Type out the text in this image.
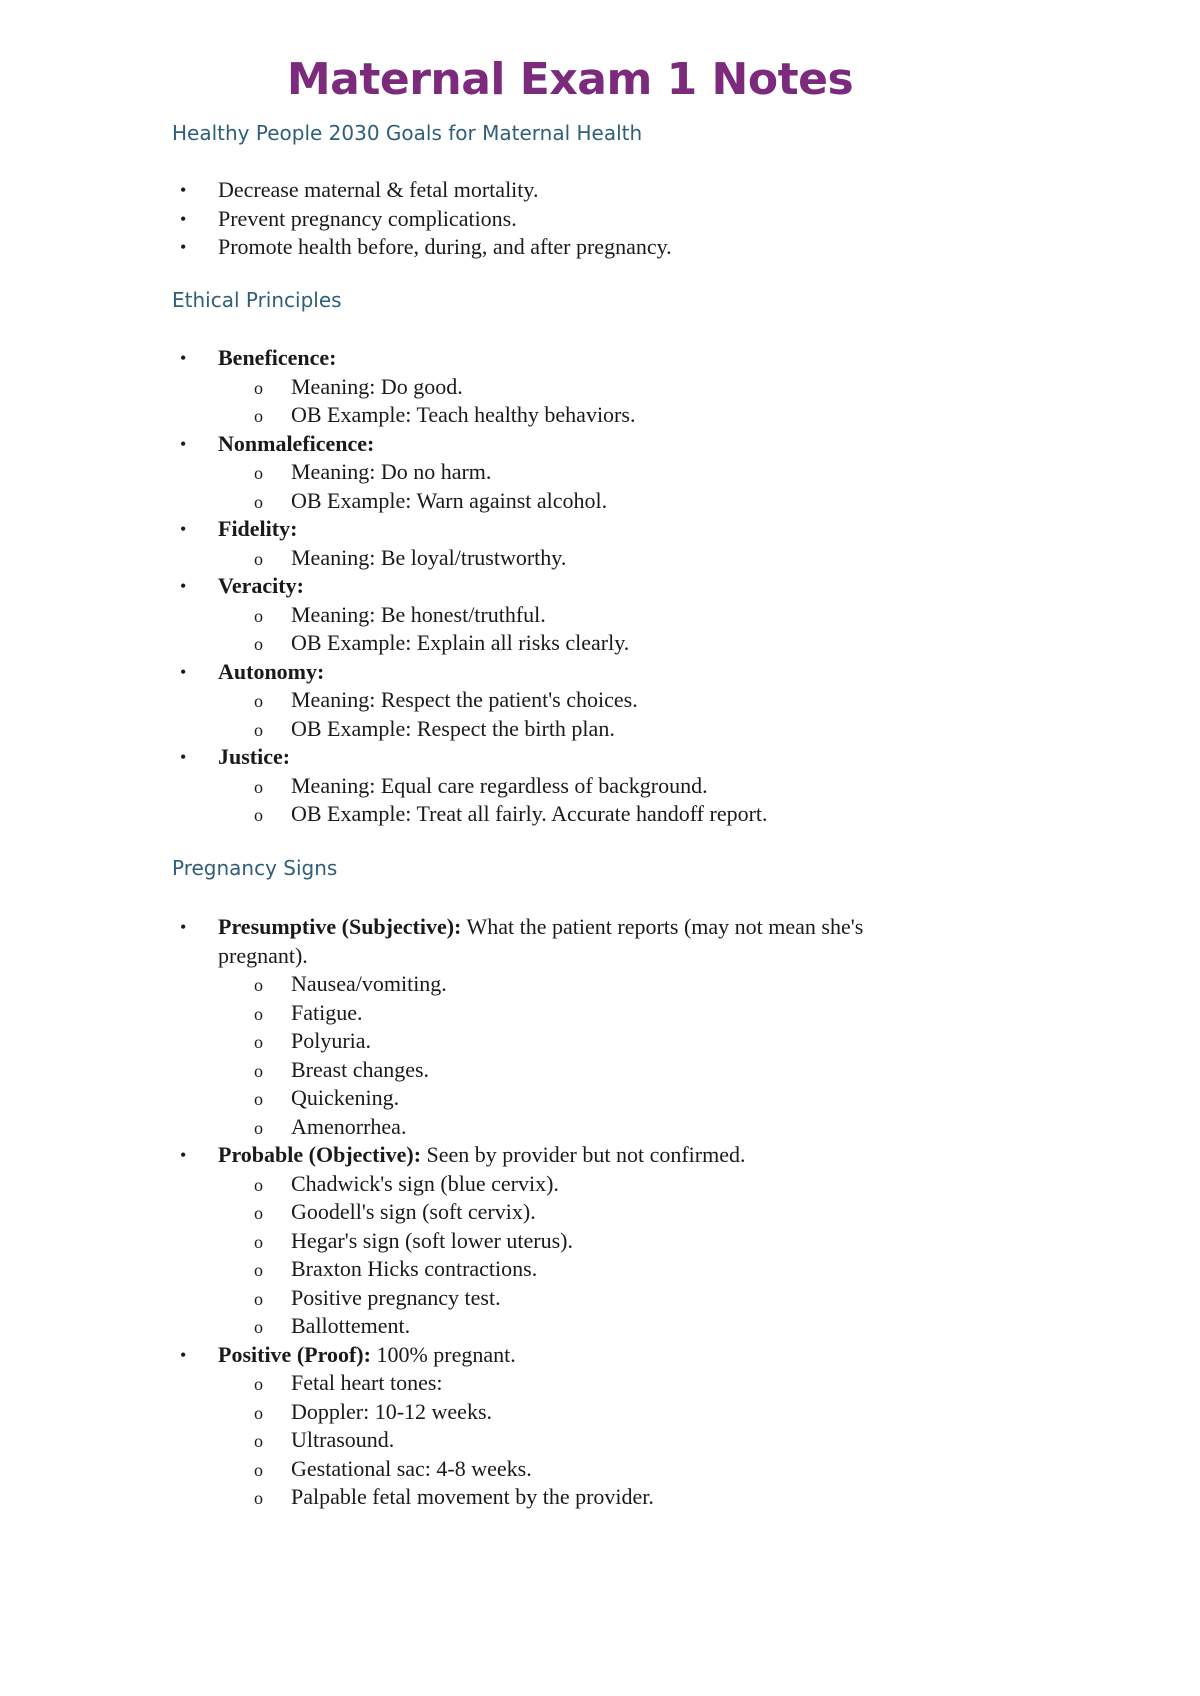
Maternal Exam 1 Notes
Healthy People 2030 Goals for Maternal Health
• Decrease maternal & fetal mortality.
• Prevent pregnancy complications.
• Promote health before, during, and after pregnancy.
Ethical Principles
• Beneficence:
o Meaning: Do good.
o OB Example: Teach healthy behaviors.
• Nonmaleficence:
o Meaning: Do no harm.
o OB Example: Warn against alcohol.
• Fidelity:
o Meaning: Be loyal/trustworthy.
• Veracity:
o Meaning: Be honest/truthful.
o OB Example: Explain all risks clearly.
• Autonomy:
o Meaning: Respect the patient's choices.
o OB Example: Respect the birth plan.
• Justice:
o Meaning: Equal care regardless of background.
o OB Example: Treat all fairly. Accurate handoff report.
Pregnancy Signs
• Presumptive (Subjective): What the patient reports (may not mean she's pregnant).
o Nausea/vomiting.
o Fatigue.
o Polyuria.
o Breast changes.
o Quickening.
o Amenorrhea.
• Probable (Objective): Seen by provider but not confirmed.
o Chadwick's sign (blue cervix).
o Goodell's sign (soft cervix).
o Hegar's sign (soft lower uterus).
o Braxton Hicks contractions.
o Positive pregnancy test.
o Ballottement.
• Positive (Proof): 100% pregnant.
o Fetal heart tones:
o Doppler: 10-12 weeks.
o Ultrasound.
o Gestational sac: 4-8 weeks.
o Palpable fetal movement by the provider.
